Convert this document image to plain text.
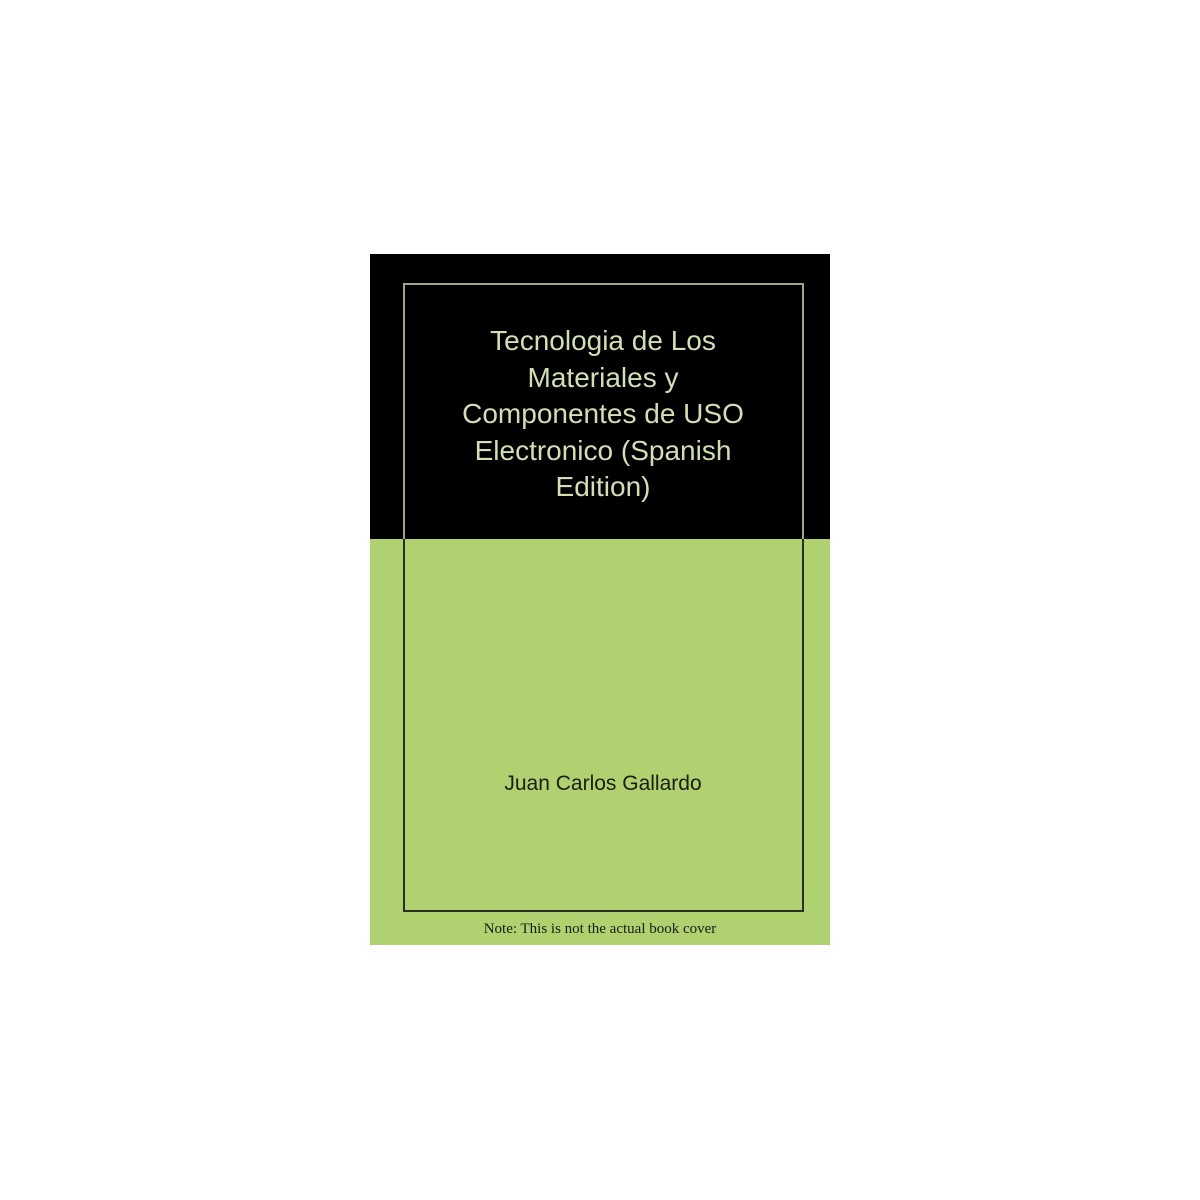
Tecnologia de Los
Materiales y
Componentes de USO
Electronico (Spanish
Edition)

Juan Carlos Gallardo

Note: This is not the actual book cover
